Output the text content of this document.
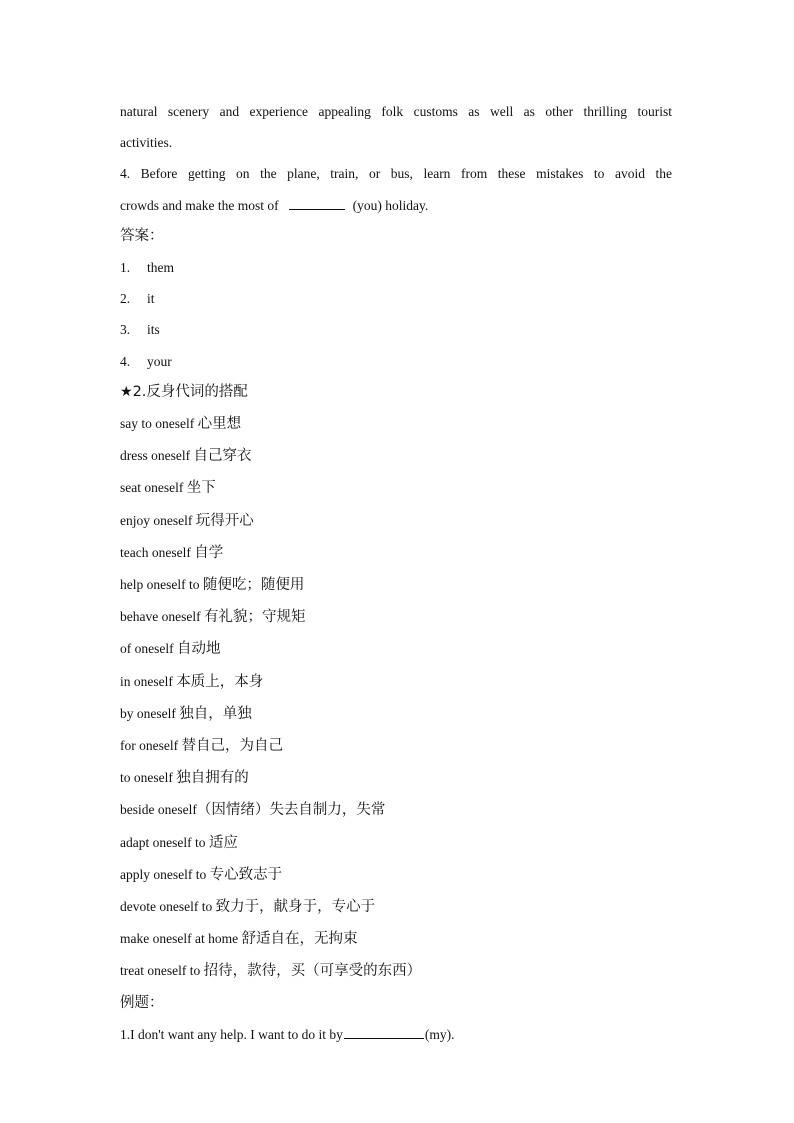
natural scenery and experience appealing folk customs as well as other thrilling tourist
activities.
4. Before getting on the plane, train, or bus, learn from these mistakes to avoid the
crowds and make the most of	(you) holiday.
答案：
1. them
2. it
3. its
4. your
★2.反身代词的搭配
say to oneself 心里想
dress oneself 自己穿衣
seat oneself 坐下
enjoy oneself 玩得开心
teach oneself 自学
help oneself to 随便吃；随便用
behave oneself 有礼貌；守规矩
of oneself 自动地
in oneself 本质上，本身
by oneself 独自，单独
for oneself 替自己，为自己
to oneself 独自拥有的
beside oneself（因情绪）失去自制力，失常
adapt oneself to 适应
apply oneself to 专心致志于
devote oneself to 致力于，献身于，专心于
make oneself at home 舒适自在，无拘束
treat oneself to 招待，款待，买（可享受的东西）
例题：
1.I don't want any help. I want to do it by	(my).
